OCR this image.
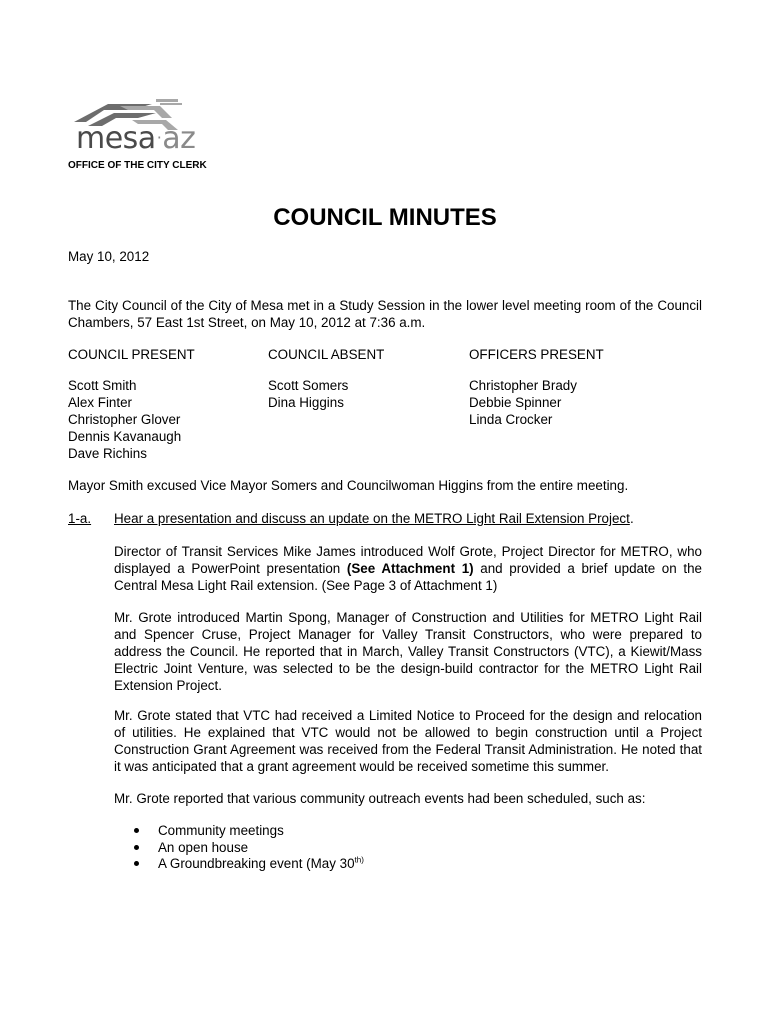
mesa·az
OFFICE OF THE CITY CLERK
COUNCIL MINUTES
May 10, 2012
The City Council of the City of Mesa met in a Study Session in the lower level meeting room of the Council Chambers, 57 East 1st Street, on May 10, 2012 at 7:36 a.m.
COUNCIL PRESENT
Scott Smith
Alex Finter
Christopher Glover
Dennis Kavanaugh
Dave Richins
COUNCIL ABSENT
Scott Somers
Dina Higgins
OFFICERS PRESENT
Christopher Brady
Debbie Spinner
Linda Crocker
Mayor Smith excused Vice Mayor Somers and Councilwoman Higgins from the entire meeting.
1-a. Hear a presentation and discuss an update on the METRO Light Rail Extension Project .
Director of Transit Services Mike James introduced Wolf Grote, Project Director for METRO, who displayed a PowerPoint presentation (See Attachment 1) and provided a brief update on the Central Mesa Light Rail extension. (See Page 3 of Attachment 1)
Mr. Grote introduced Martin Spong, Manager of Construction and Utilities for METRO Light Rail and Spencer Cruse, Project Manager for Valley Transit Constructors, who were prepared to address the Council. He reported that in March, Valley Transit Constructors (VTC), a Kiewit/Mass Electric Joint Venture, was selected to be the design-build contractor for the METRO Light Rail Extension Project.
Mr. Grote stated that VTC had received a Limited Notice to Proceed for the design and relocation of utilities. He explained that VTC would not be allowed to begin construction until a Project Construction Grant Agreement was received from the Federal Transit Administration. He noted that it was anticipated that a grant agreement would be received sometime this summer.
Mr. Grote reported that various community outreach events had been scheduled, such as:
Community meetings
An open house
A Groundbreaking event (May $30^{th)}$
